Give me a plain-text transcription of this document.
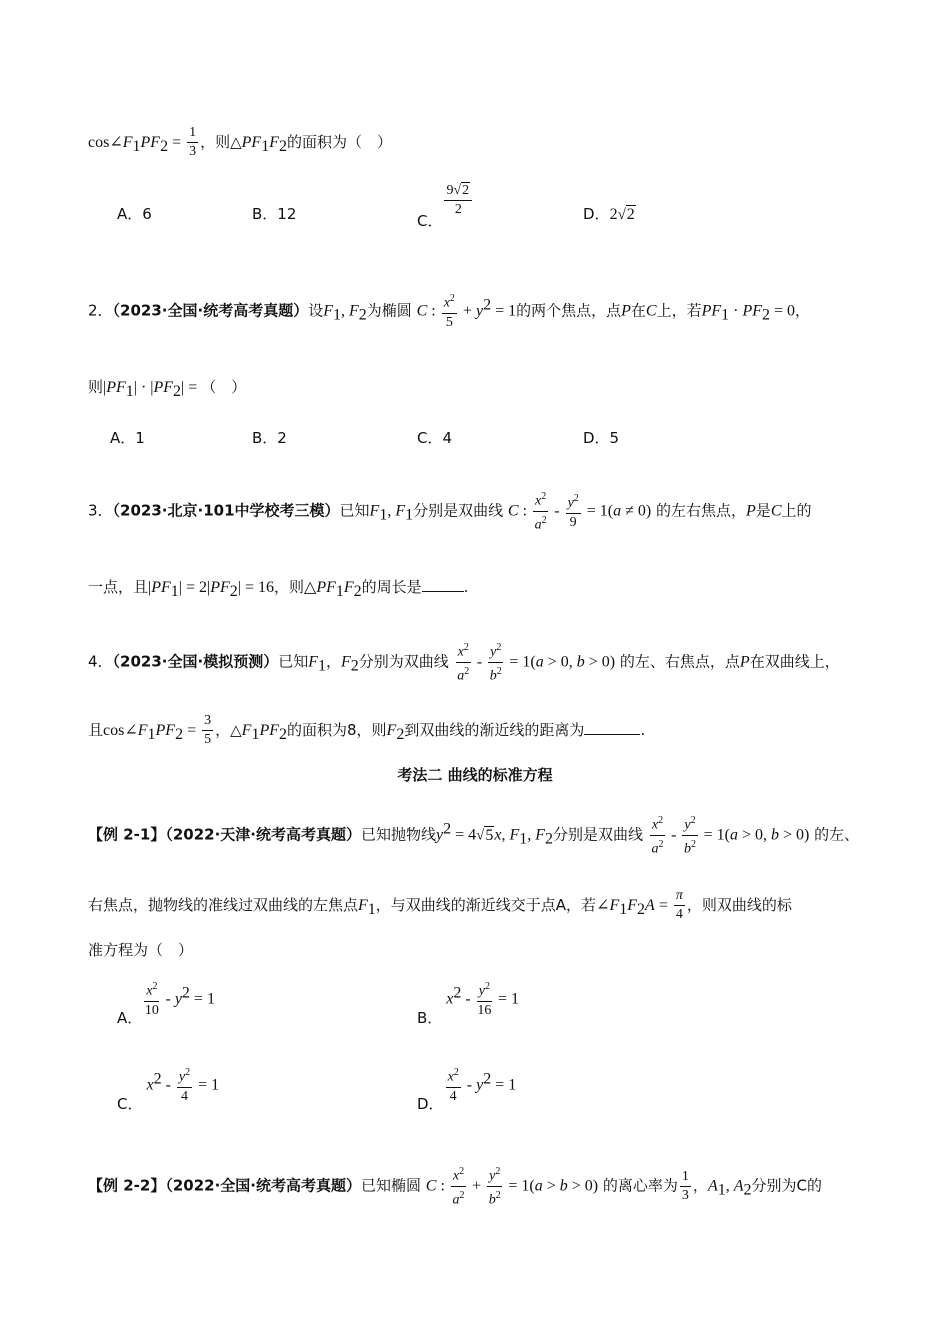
$\cos\angle F_1PF_2 = \frac{1}{3}$ ，则$\triangle PF_1F_2$的面积为（　）
A．6	B．12	C．
$\frac{9√2}{2}$	D．2√2
2．（2023·全国·统考高考真题）设$F_1$, $F_2$为椭圆 C : $\frac{x^2}{5} + y^2 = 1$的两个焦点，点P在C上，若$PF_1 \cdot PF_2 = 0$，
则$|PF_1| \cdot |PF_2|$ = （　）
A．1	B．2	C．4	D．5
3．（2023·北京·101中学校考三模）已知$F_1$, $F_1$分别是双曲线 C : $\frac{x^2}{a^2} - \frac{y^2}{9} = 1(a \ne 0)$ 的左右焦点，P是C上的
一点，且$|PF_1| = 2|PF_2| = 16$，则$\triangle PF_1F_2$的周长是	.
4．（2023·全国·模拟预测）已知$F_1$，$F_2$分别为双曲线 $\frac{x^2}{a^2} - \frac{y^2}{b^2} = 1(a > 0$, b > 0) 的左、右焦点，点P在双曲线上，
且$\cos\angle F_1PF_2 = \frac{3}{5}$ ，$\triangle F_1PF_2$的面积为8，则$F_2$到双曲线的渐近线的距离为	.
考法二 曲线的标准方程
【例 2-1】（2022·天津·统考高考真题）已知抛物线$y^2 = 4√5x$, $F_1$, $F_2$分别是双曲线 $\frac{x^2}{a^2} - \frac{y^2}{b^2} = 1(a > 0$, b > 0) 的左、
右焦点，抛物线的准线过双曲线的左焦点$F_1$，与双曲线的渐近线交于点A，若$\angle F_1F_2A = \frac{\pi}{4}$ ，则双曲线的标
准方程为（　）
A． $\frac{x^2}{10} - y^2 = 1$
B． $x^2 - \frac{y^2}{16} = 1$
C． $x^2 - \frac{y^2}{4} = 1$
D． $\frac{x^2}{4} - y^2 = 1$
【例 2-2】（2022·全国·统考高考真题）已知椭圆 C : $\frac{x^2}{a^2} + \frac{y^2}{b^2} = 1(a > b > 0)$ 的离心率为 $\frac{1}{3}$ ，$A_1$, $A_2$分别为C的
